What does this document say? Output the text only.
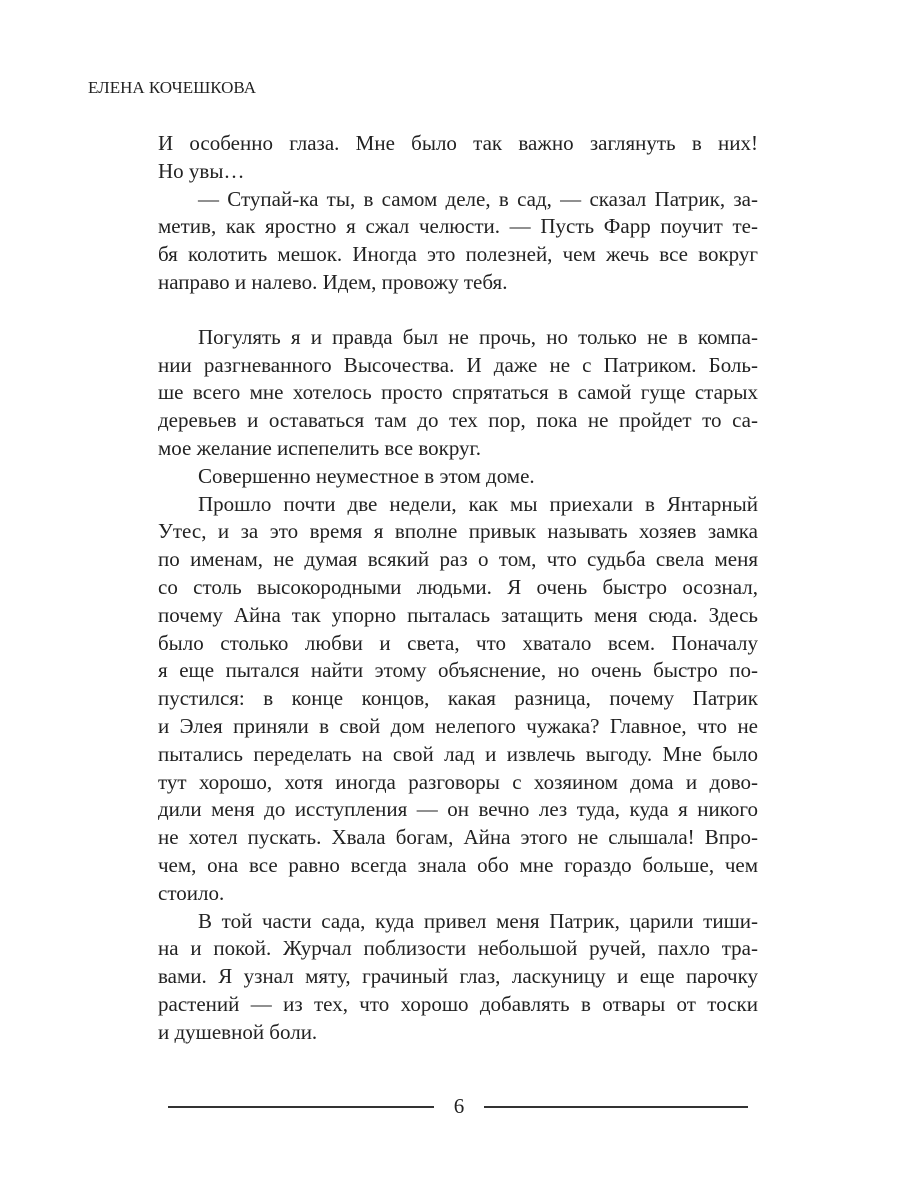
ЕЛЕНА КОЧЕШКОВА
И особенно глаза. Мне было так важно заглянуть в них!
Но увы…
— Ступай-ка ты, в самом деле, в сад, — сказал Патрик, за-
метив, как яростно я сжал челюсти. — Пусть Фарр поучит те-
бя колотить мешок. Иногда это полезней, чем жечь все вокруг
направо и налево. Идем, провожу тебя.
Погулять я и правда был не прочь, но только не в компа-
нии разгневанного Высочества. И даже не с Патриком. Боль-
ше всего мне хотелось просто спрятаться в самой гуще старых
деревьев и оставаться там до тех пор, пока не пройдет то са-
мое желание испепелить все вокруг.
Совершенно неуместное в этом доме.
Прошло почти две недели, как мы приехали в Янтарный
Утес, и за это время я вполне привык называть хозяев замка
по именам, не думая всякий раз о том, что судьба свела меня
со столь высокородными людьми. Я очень быстро осознал,
почему Айна так упорно пыталась затащить меня сюда. Здесь
было столько любви и света, что хватало всем. Поначалу
я еще пытался найти этому объяснение, но очень быстро по-
пустился: в конце концов, какая разница, почему Патрик
и Элея приняли в свой дом нелепого чужака? Главное, что не
пытались переделать на свой лад и извлечь выгоду. Мне было
тут хорошо, хотя иногда разговоры с хозяином дома и дово-
дили меня до исступления — он вечно лез туда, куда я никого
не хотел пускать. Хвала богам, Айна этого не слышала! Впро-
чем, она все равно всегда знала обо мне гораздо больше, чем
стоило.
В той части сада, куда привел меня Патрик, царили тиши-
на и покой. Журчал поблизости небольшой ручей, пахло тра-
вами. Я узнал мяту, грачиный глаз, ласкуницу и еще парочку
растений — из тех, что хорошо добавлять в отвары от тоски
и душевной боли.
6
